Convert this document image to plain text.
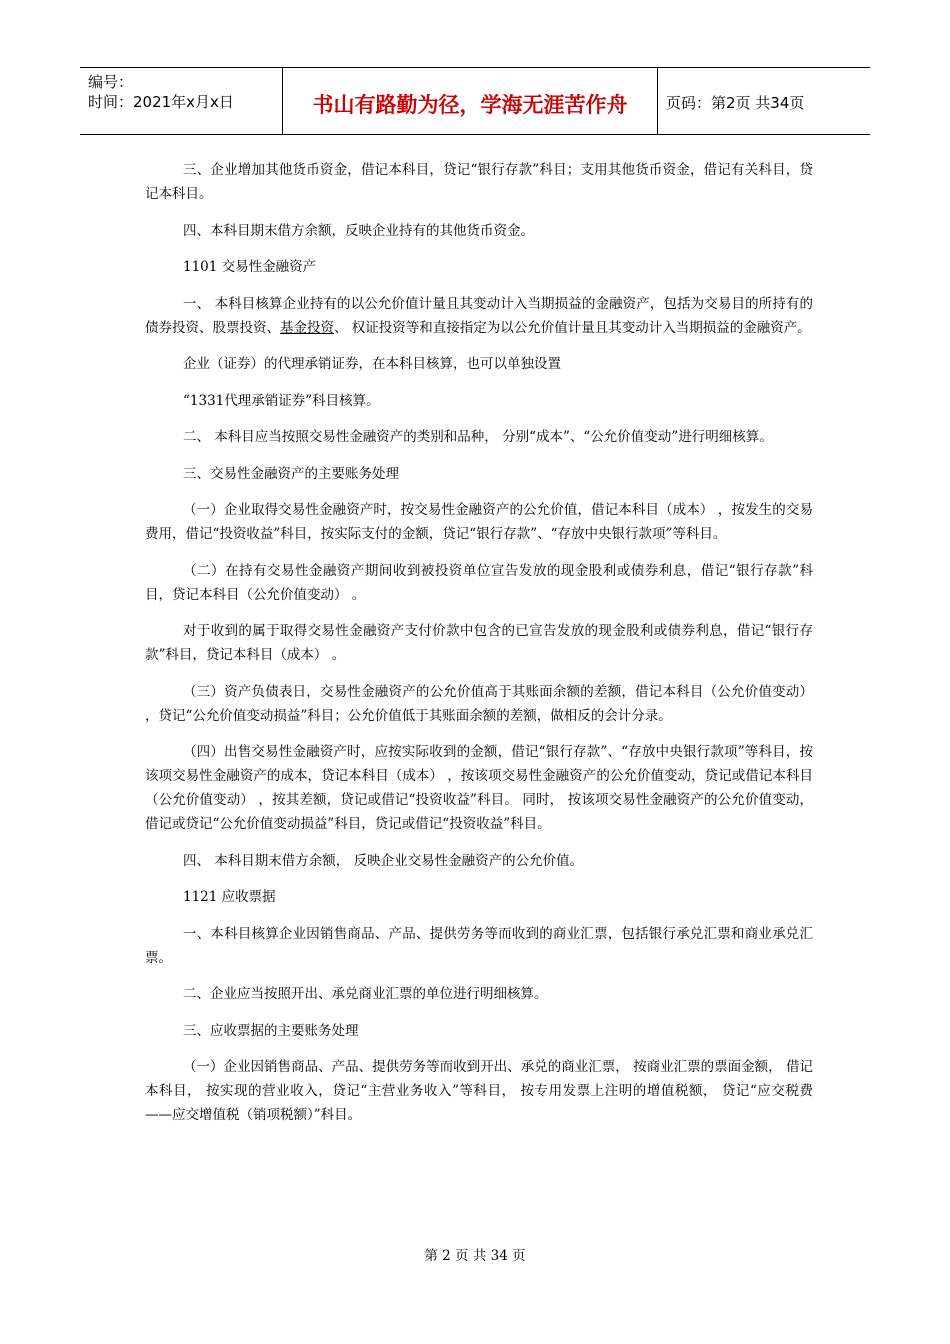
编号：
时间：2021年x月x日	书山有路勤为径，学海无涯苦作舟	页码：第2页 共34页

三、企业增加其他货币资金，借记本科目，贷记“银行存款”科目；支用其他货币资金，借记有关科目，贷记本科目。

四、本科目期末借方余额，反映企业持有的其他货币资金。

1101 交易性金融资产

一、 本科目核算企业持有的以公允价值计量且其变动计入当期损益的金融资产，包括为交易目的所持有的债券投资、股票投资、基金投资、 权证投资等和直接指定为以公允价值计量且其变动计入当期损益的金融资产。

企业（证券）的代理承销证券，在本科目核算，也可以单独设置

“1331代理承销证券”科目核算。

二、 本科目应当按照交易性金融资产的类别和品种， 分别“成本”、“公允价值变动”进行明细核算。

三、交易性金融资产的主要账务处理

（一）企业取得交易性金融资产时，按交易性金融资产的公允价值，借记本科目（成本） ，按发生的交易费用，借记“投资收益”科目，按实际支付的金额，贷记“银行存款”、“存放中央银行款项”等科目。

（二）在持有交易性金融资产期间收到被投资单位宣告发放的现金股利或债券利息，借记“银行存款”科目，贷记本科目（公允价值变动） 。

对于收到的属于取得交易性金融资产支付价款中包含的已宣告发放的现金股利或债券利息，借记“银行存款”科目，贷记本科目（成本） 。

（三）资产负债表日，交易性金融资产的公允价值高于其账面余额的差额，借记本科目（公允价值变动） ，贷记“公允价值变动损益”科目；公允价值低于其账面余额的差额，做相反的会计分录。

（四）出售交易性金融资产时，应按实际收到的金额，借记“银行存款”、“存放中央银行款项”等科目，按该项交易性金融资产的成本，贷记本科目（成本） ，按该项交易性金融资产的公允价值变动，贷记或借记本科目（公允价值变动） ，按其差额，贷记或借记“投资收益”科目。 同时， 按该项交易性金融资产的公允价值变动， 借记或贷记“公允价值变动损益”科目，贷记或借记“投资收益”科目。

四、 本科目期末借方余额， 反映企业交易性金融资产的公允价值。

1121 应收票据

一、本科目核算企业因销售商品、产品、提供劳务等而收到的商业汇票，包括银行承兑汇票和商业承兑汇票。

二、企业应当按照开出、承兑商业汇票的单位进行明细核算。

三、应收票据的主要账务处理

（一）企业因销售商品、产品、提供劳务等而收到开出、承兑的商业汇票， 按商业汇票的票面金额， 借记本科目， 按实现的营业收入，贷记“主营业务收入”等科目， 按专用发票上注明的增值税额， 贷记“应交税费——应交增值税（销项税额）”科目。

第 2 页 共 34 页
